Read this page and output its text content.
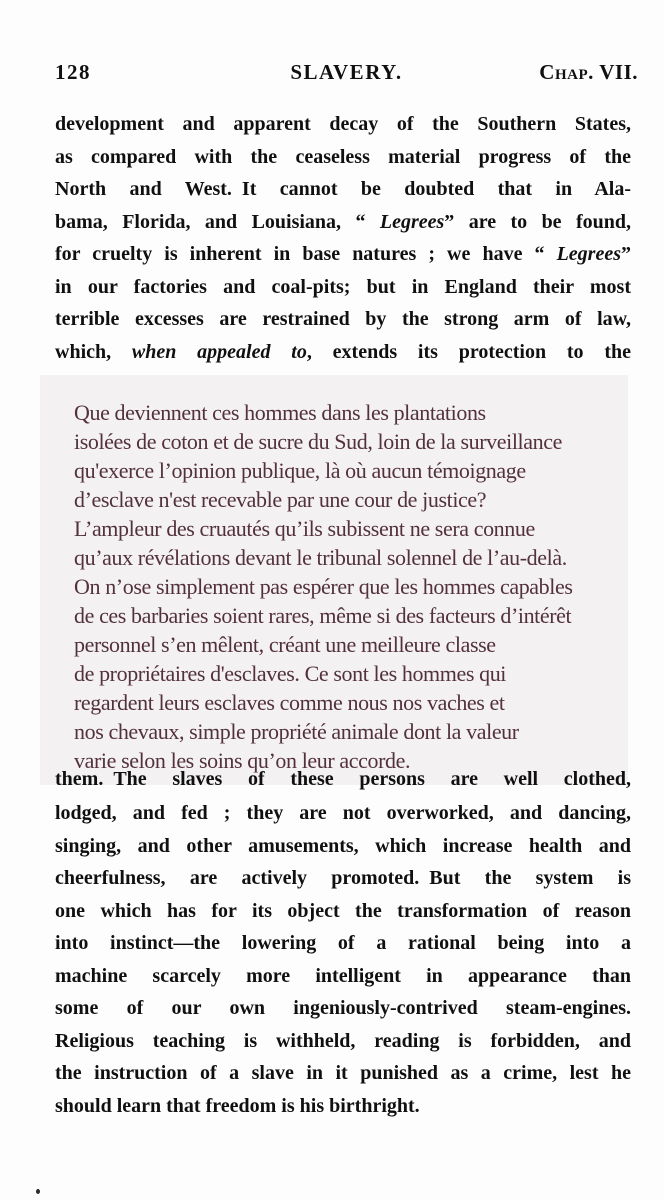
128	SLAVERY.	Chap. VII.
development and apparent decay of the Southern States,
as compared with the ceaseless material progress of the
North and West. It cannot be doubted that in Ala-
bama, Florida, and Louisiana, “ Legrees” are to be found,
for cruelty is inherent in base natures ; we have “ Legrees”
in our factories and coal-pits; but in England their most
terrible excesses are restrained by the strong arm of law,
which, when appealed to, extends its protection to the
Que deviennent ces hommes dans les plantations
isolées de coton et de sucre du Sud, loin de la surveillance
qu'exerce l’opinion publique, là où aucun témoignage
d’esclave n'est recevable par une cour de justice?
L’ampleur des cruautés qu’ils subissent ne sera connue
qu’aux révélations devant le tribunal solennel de l’au-delà.
On n’ose simplement pas espérer que les hommes capables
de ces barbaries soient rares, même si des facteurs d’intérêt
personnel s’en mêlent, créant une meilleure classe
de propriétaires d'esclaves. Ce sont les hommes qui
regardent leurs esclaves comme nous nos vaches et
nos chevaux, simple propriété animale dont la valeur
varie selon les soins qu’on leur accorde.
them. The slaves of these persons are well clothed,
lodged, and fed ; they are not overworked, and dancing,
singing, and other amusements, which increase health and
cheerfulness, are actively promoted. But the system is
one which has for its object the transformation of reason
into instinct—the lowering of a rational being into a
machine scarcely more intelligent in appearance than
some of our own ingeniously-contrived steam-engines.
Religious teaching is withheld, reading is forbidden, and
the instruction of a slave in it punished as a crime, lest he
should learn that freedom is his birthright.
